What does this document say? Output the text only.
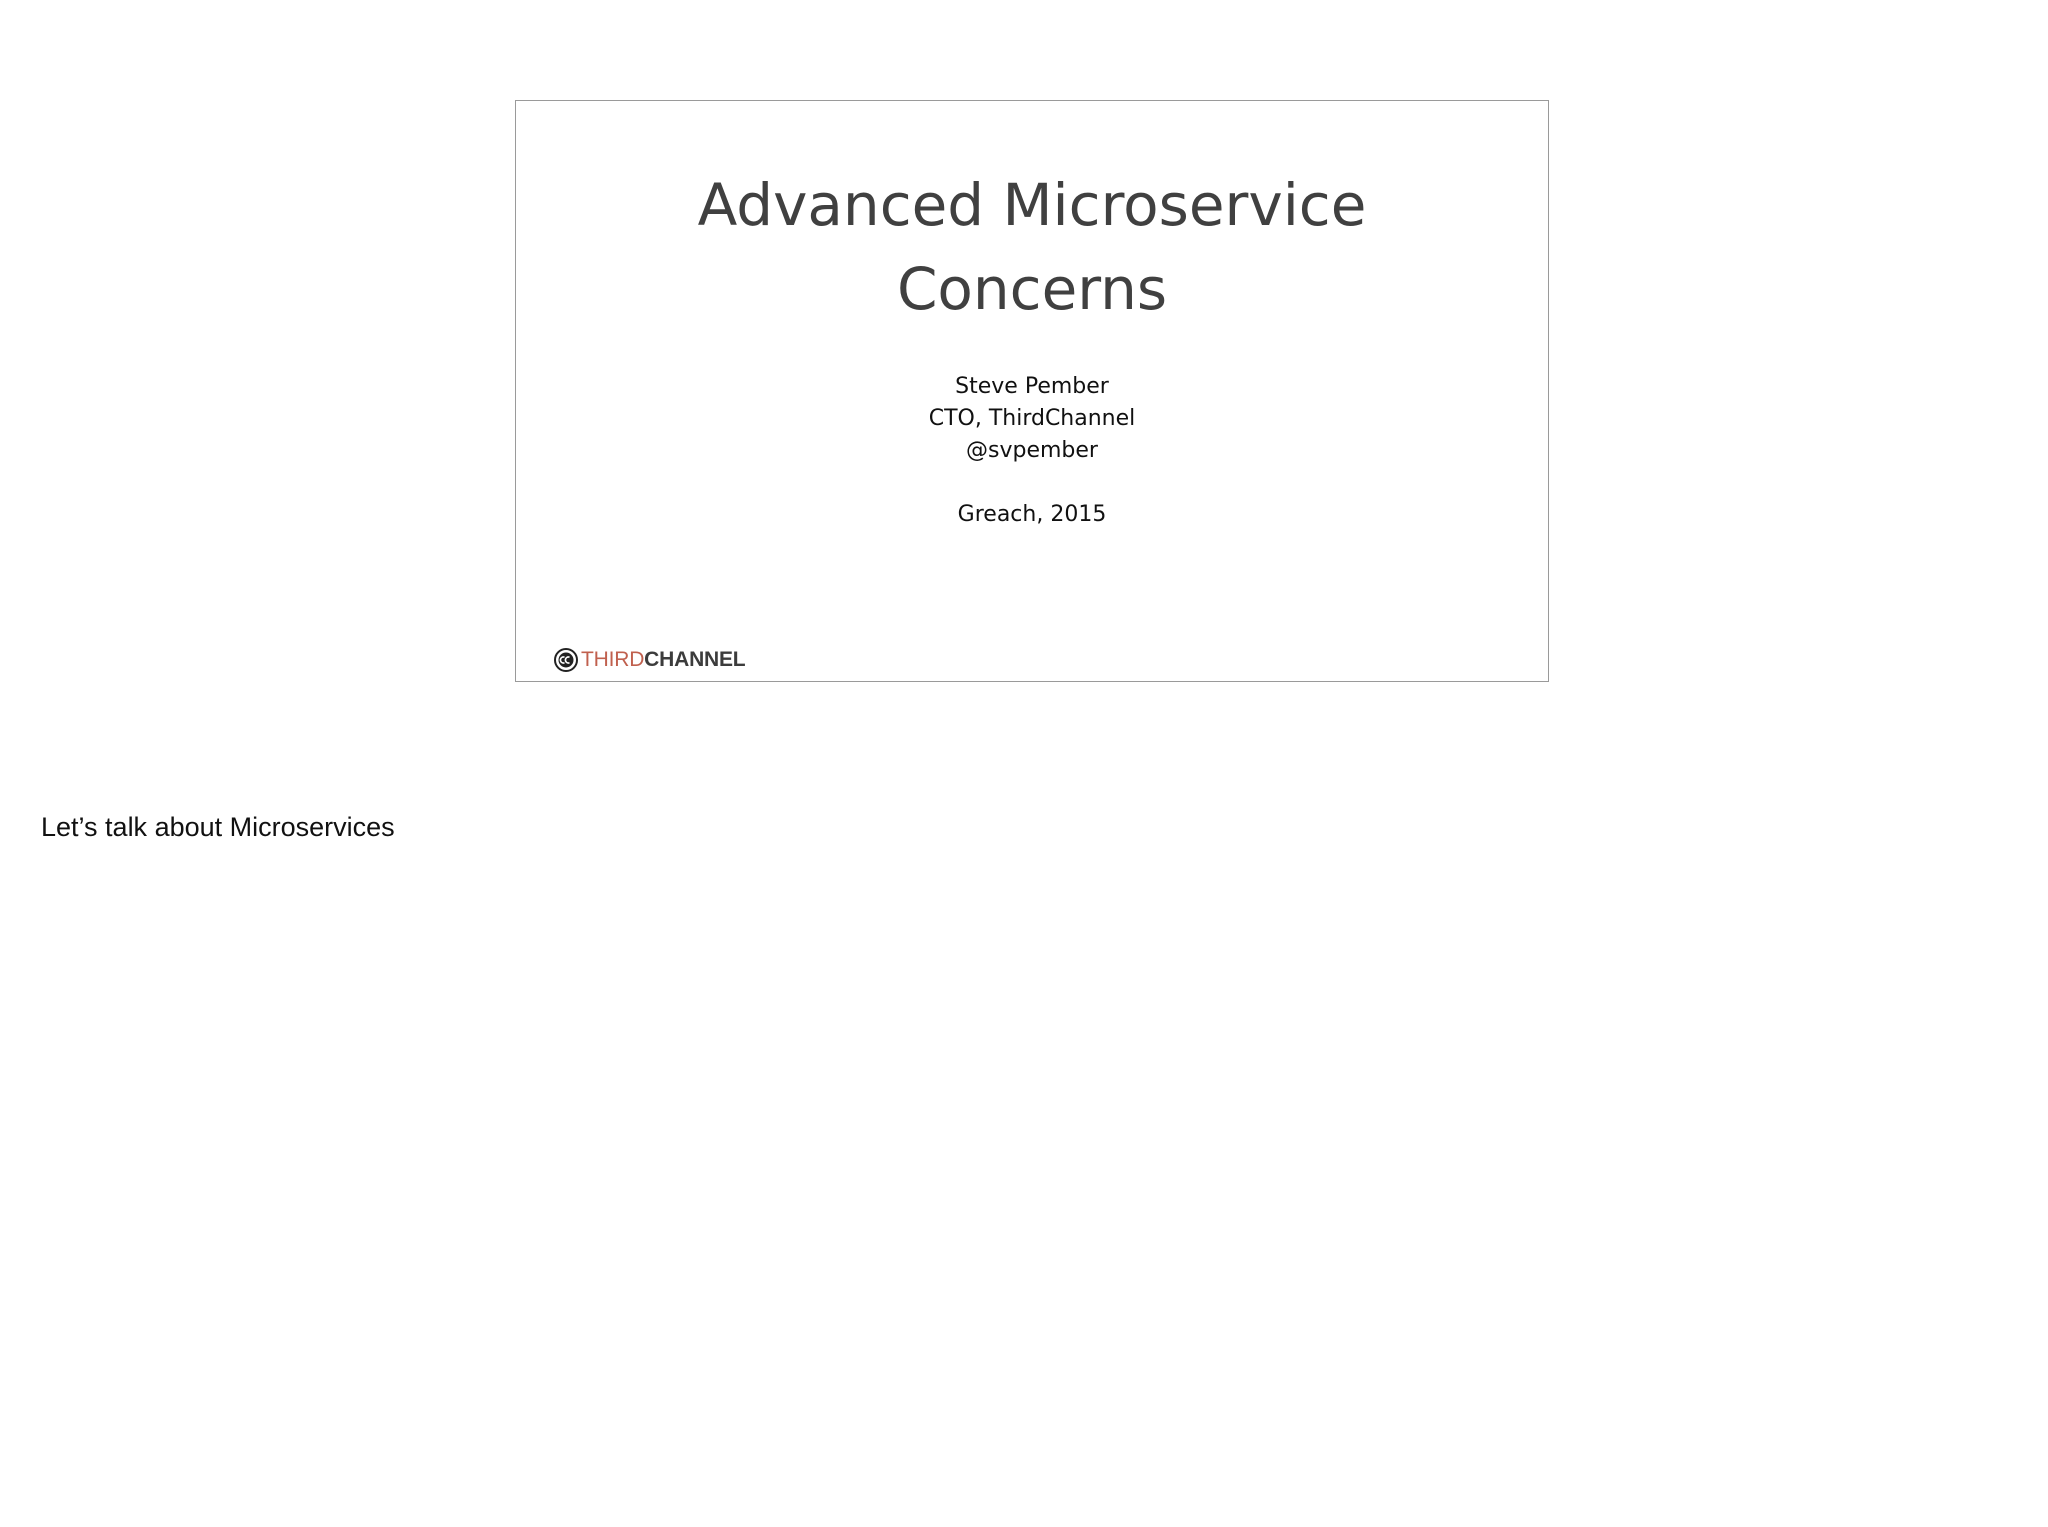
Advanced Microservice
Concerns
Steve Pember
CTO, ThirdChannel
@svpember
Greach, 2015
THIRDCHANNEL
Let’s talk about Microservices
